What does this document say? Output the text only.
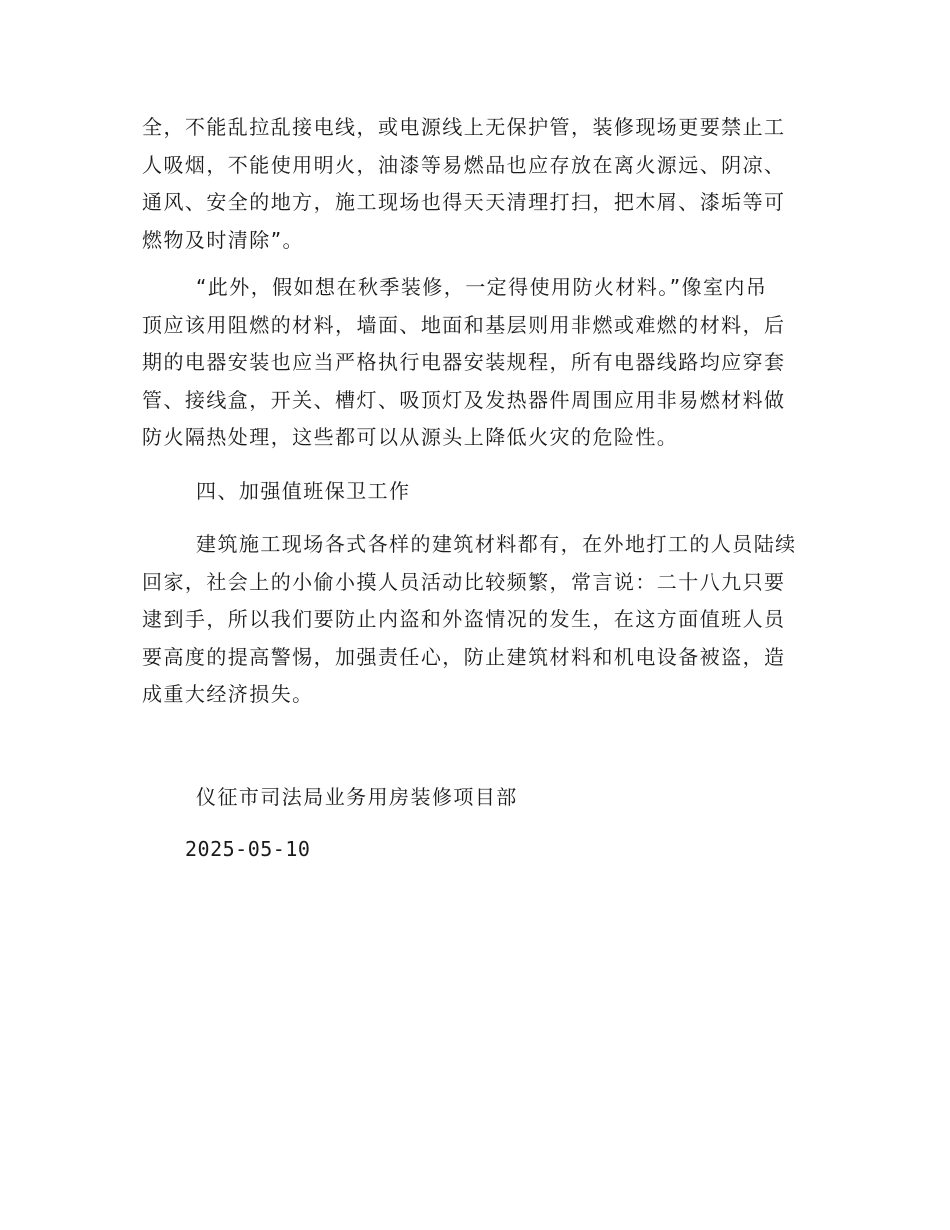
全，不能乱拉乱接电线，或电源线上无保护管，装修现场更要禁止工
人吸烟，不能使用明火，油漆等易燃品也应存放在离火源远、阴凉、
通风、安全的地方，施工现场也得天天清理打扫，把木屑、漆垢等可
燃物及时清除”。
“此外，假如想在秋季装修，一定得使用防火材料。”像室内吊
顶应该用阻燃的材料，墙面、地面和基层则用非燃或难燃的材料，后
期的电器安装也应当严格执行电器安装规程，所有电器线路均应穿套
管、接线盒，开关、槽灯、吸顶灯及发热器件周围应用非易燃材料做
防火隔热处理，这些都可以从源头上降低火灾的危险性。
四、加强值班保卫工作
建筑施工现场各式各样的建筑材料都有，在外地打工的人员陆续
回家，社会上的小偷小摸人员活动比较频繁，常言说：二十八九只要
逮到手，所以我们要防止内盗和外盗情况的发生，在这方面值班人员
要高度的提高警惕，加强责任心，防止建筑材料和机电设备被盗，造
成重大经济损失。
仪征市司法局业务用房装修项目部
2025-05-10
